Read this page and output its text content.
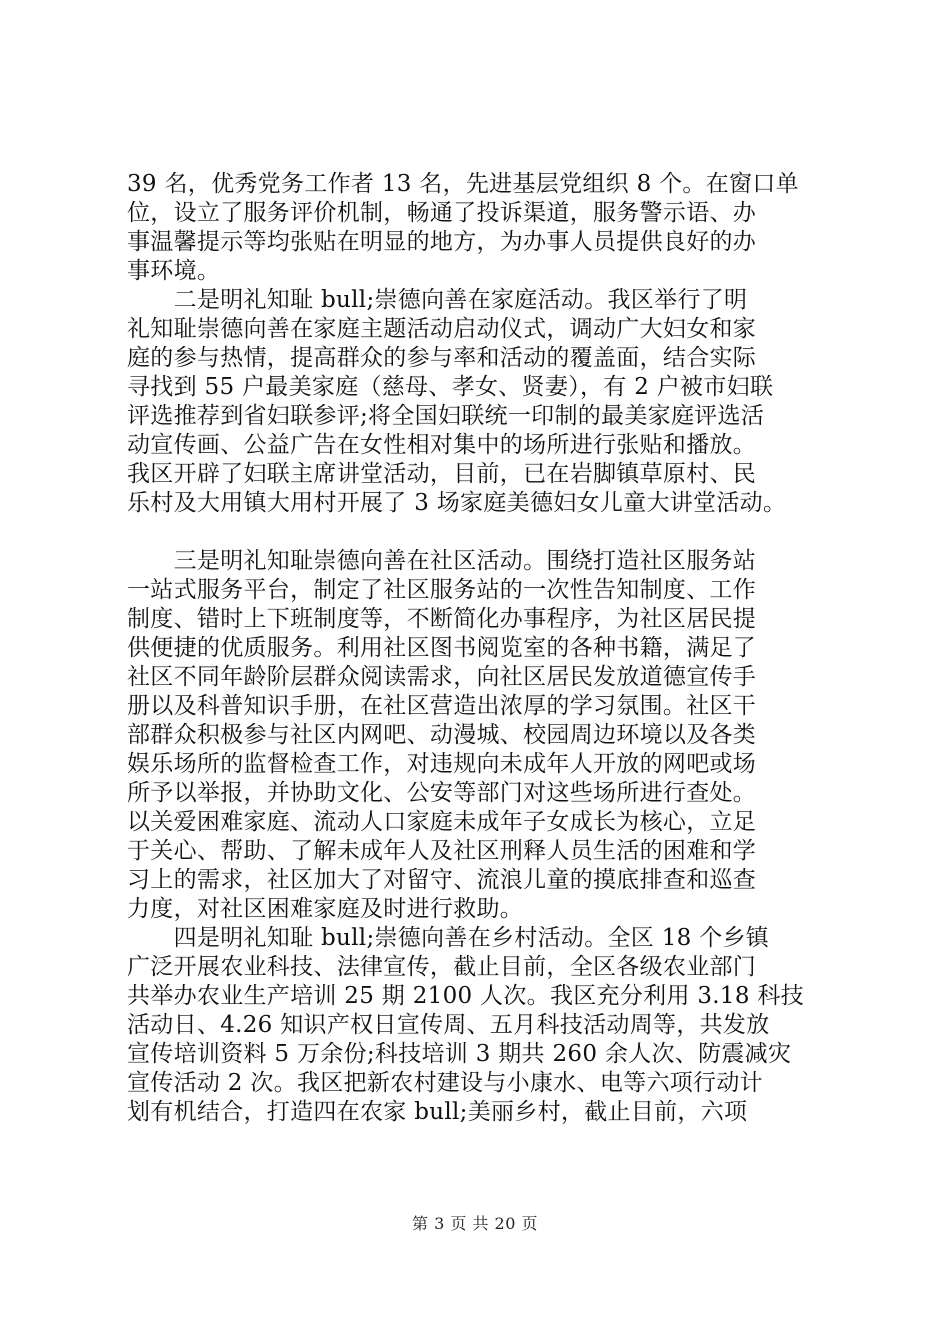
39 名，优秀党务工作者 13 名，先进基层党组织 8 个。在窗口单
位，设立了服务评价机制，畅通了投诉渠道，服务警示语、办
事温馨提示等均张贴在明显的地方，为办事人员提供良好的办
事环境。
　　二是明礼知耻 bull;崇德向善在家庭活动。我区举行了明
礼知耻崇德向善在家庭主题活动启动仪式，调动广大妇女和家
庭的参与热情，提高群众的参与率和活动的覆盖面，结合实际
寻找到 55 户最美家庭（慈母、孝女、贤妻），有 2 户被市妇联
评选推荐到省妇联参评;将全国妇联统一印制的最美家庭评选活
动宣传画、公益广告在女性相对集中的场所进行张贴和播放。
我区开辟了妇联主席讲堂活动，目前，已在岩脚镇草原村、民
乐村及大用镇大用村开展了 3 场家庭美德妇女儿童大讲堂活动。
　　三是明礼知耻崇德向善在社区活动。围绕打造社区服务站
一站式服务平台，制定了社区服务站的一次性告知制度、工作
制度、错时上下班制度等，不断简化办事程序，为社区居民提
供便捷的优质服务。利用社区图书阅览室的各种书籍，满足了
社区不同年龄阶层群众阅读需求，向社区居民发放道德宣传手
册以及科普知识手册，在社区营造出浓厚的学习氛围。社区干
部群众积极参与社区内网吧、动漫城、校园周边环境以及各类
娱乐场所的监督检查工作，对违规向未成年人开放的网吧或场
所予以举报，并协助文化、公安等部门对这些场所进行查处。
以关爱困难家庭、流动人口家庭未成年子女成长为核心，立足
于关心、帮助、了解未成年人及社区刑释人员生活的困难和学
习上的需求，社区加大了对留守、流浪儿童的摸底排查和巡查
力度，对社区困难家庭及时进行救助。
　　四是明礼知耻 bull;崇德向善在乡村活动。全区 18 个乡镇
广泛开展农业科技、法律宣传，截止目前，全区各级农业部门
共举办农业生产培训 25 期 2100 人次。我区充分利用 3.18 科技
活动日、4.26 知识产权日宣传周、五月科技活动周等，共发放
宣传培训资料 5 万余份;科技培训 3 期共 260 余人次、防震减灾
宣传活动 2 次。我区把新农村建设与小康水、电等六项行动计
划有机结合，打造四在农家 bull;美丽乡村，截止目前，六项
第 3 页 共 20 页
